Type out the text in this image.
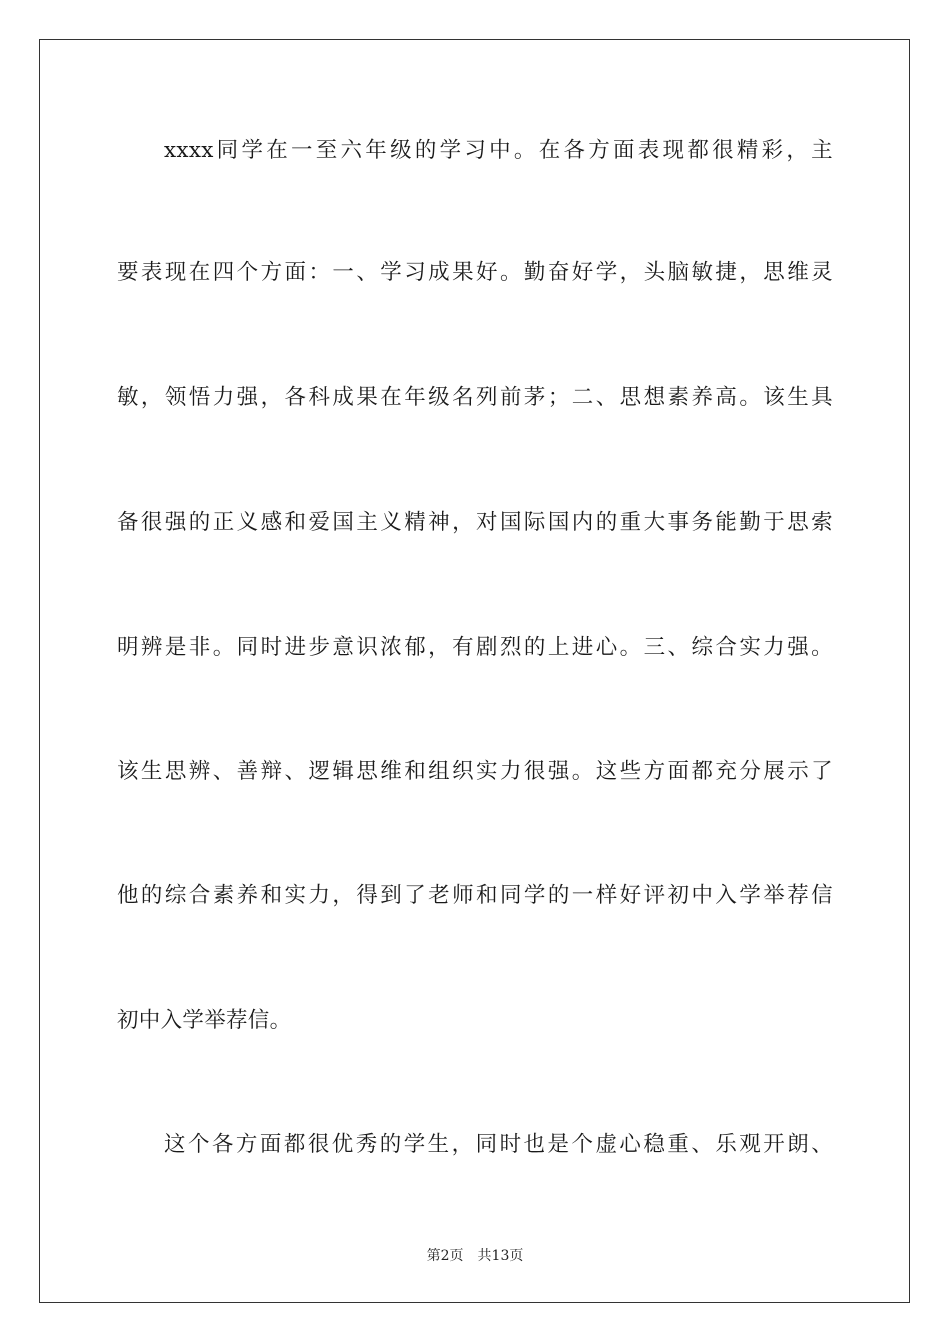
xxxx同学在一至六年级的学习中。在各方面表现都很精彩，主
要表现在四个方面：一、学习成果好。勤奋好学，头脑敏捷，思维灵
敏，领悟力强，各科成果在年级名列前茅；二、思想素养高。该生具
备很强的正义感和爱国主义精神，对国际国内的重大事务能勤于思索
明辨是非。同时进步意识浓郁，有剧烈的上进心。三、综合实力强。
该生思辨、善辩、逻辑思维和组织实力很强。这些方面都充分展示了
他的综合素养和实力，得到了老师和同学的一样好评初中入学举荐信
初中入学举荐信。
这个各方面都很优秀的学生，同时也是个虚心稳重、乐观开朗、
第2页 共13页
